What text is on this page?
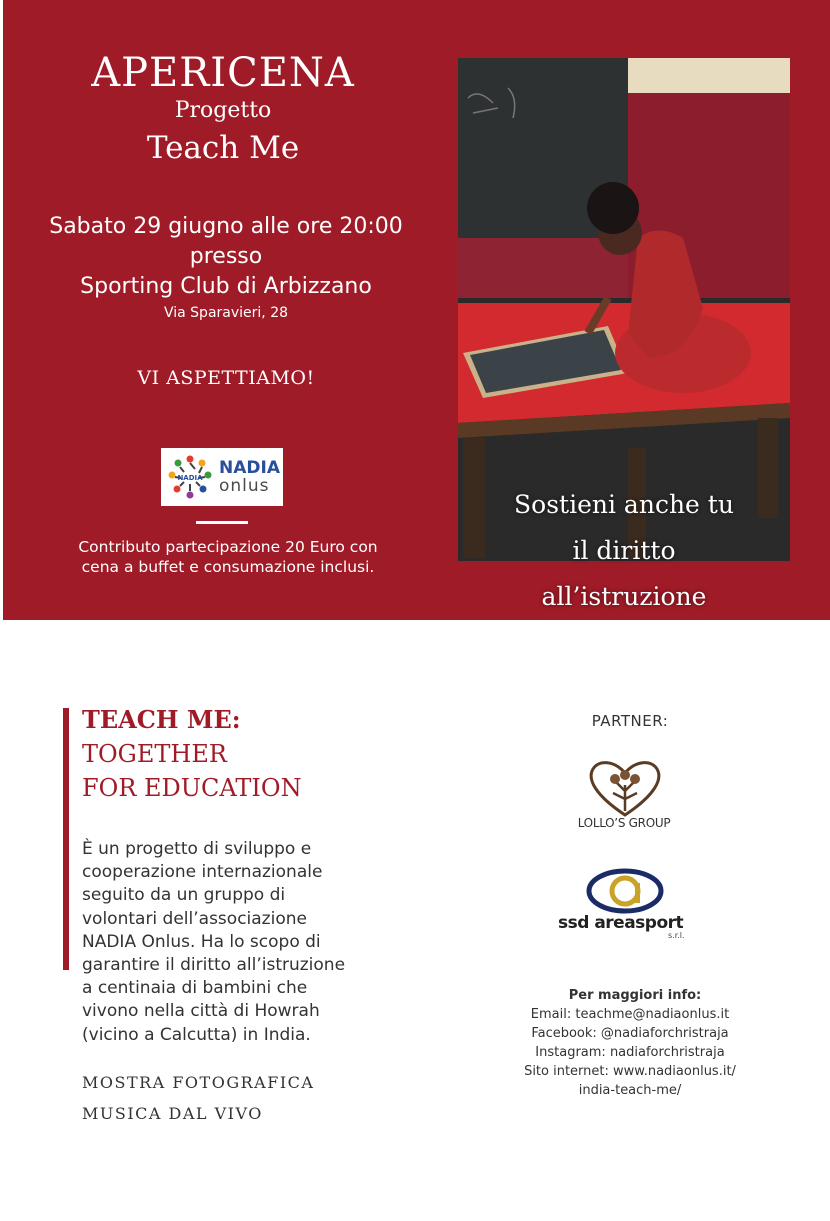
APERICENA
Progetto
Teach Me
Sabato 29 giugno alle ore 20:00
presso
Sporting Club di Arbizzano
Via Sparavieri, 28
VI ASPETTIAMO!
NADIA NADIA
onlus
Contributo partecipazione 20 Euro con
cena a buffet e consumazione inclusi.
Sostieni anche tu
il diritto
all’istruzione
TEACH ME:
TOGETHER
FOR EDUCATION
È un progetto di sviluppo e
cooperazione internazionale
seguito da un gruppo di
volontari dell’associazione
NADIA Onlus. Ha lo scopo di
garantire il diritto all’istruzione
a centinaia di bambini che
vivono nella città di Howrah
(vicino a Calcutta) in India.
MOSTRA FOTOGRAFICA
MUSICA DAL VIVO
PARTNER:
LOLLO’S GROUP
ssd areasport
s.r.l.
Per maggiori info:
Email: teachme@nadiaonlus.it
Facebook: @nadiaforchristraja
Instagram: nadiaforchristraja
Sito internet: www.nadiaonlus.it/
india-teach-me/
